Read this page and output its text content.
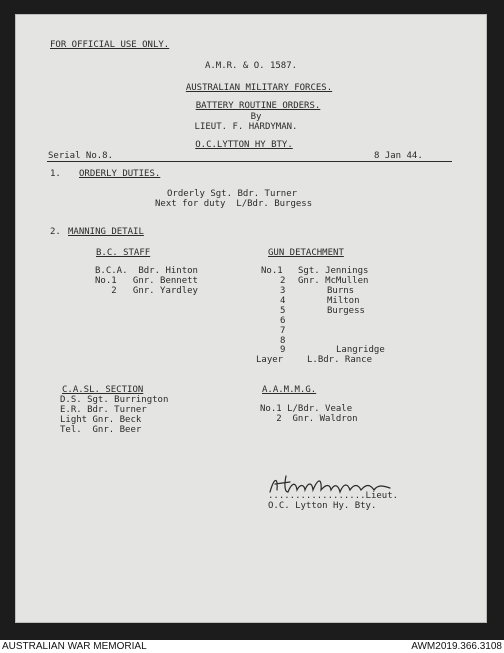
FOR OFFICIAL USE ONLY.
A.M.R. & O. 1587.
AUSTRALIAN MILITARY FORCES.
BATTERY ROUTINE ORDERS.
By
LIEUT. F. HARDYMAN.
O.C.LYTTON HY BTY.
Serial No.8.	8 Jan 44.
1. ORDERLY DUTIES.
Orderly Sgt. Bdr. Turner
Next for duty  L/Bdr. Burgess
2. MANNING DETAIL
B.C. STAFF
B.C.A.  Bdr. Hinton
No.1   Gnr. Bennett
2   Gnr. Yardley
GUN DETACHMENT
No.1
2
3
4
5
6
7
8
9
Layer
Sgt. Jennings
Gnr. McMullen
Burns
Milton
Burgess
Langridge
L.Bdr. Rance
C.A.SL. SECTION
D.S. Sgt. Burrington
E.R. Bdr. Turner
Light Gnr. Beck
Tel.  Gnr. Beer
A.A.M.M.G.
No.1 L/Bdr. Veale
2  Gnr. Waldron
..................Lieut.
O.C. Lytton Hy. Bty.
AUSTRALIAN WAR MEMORIAL	AWM2019.366.3108
